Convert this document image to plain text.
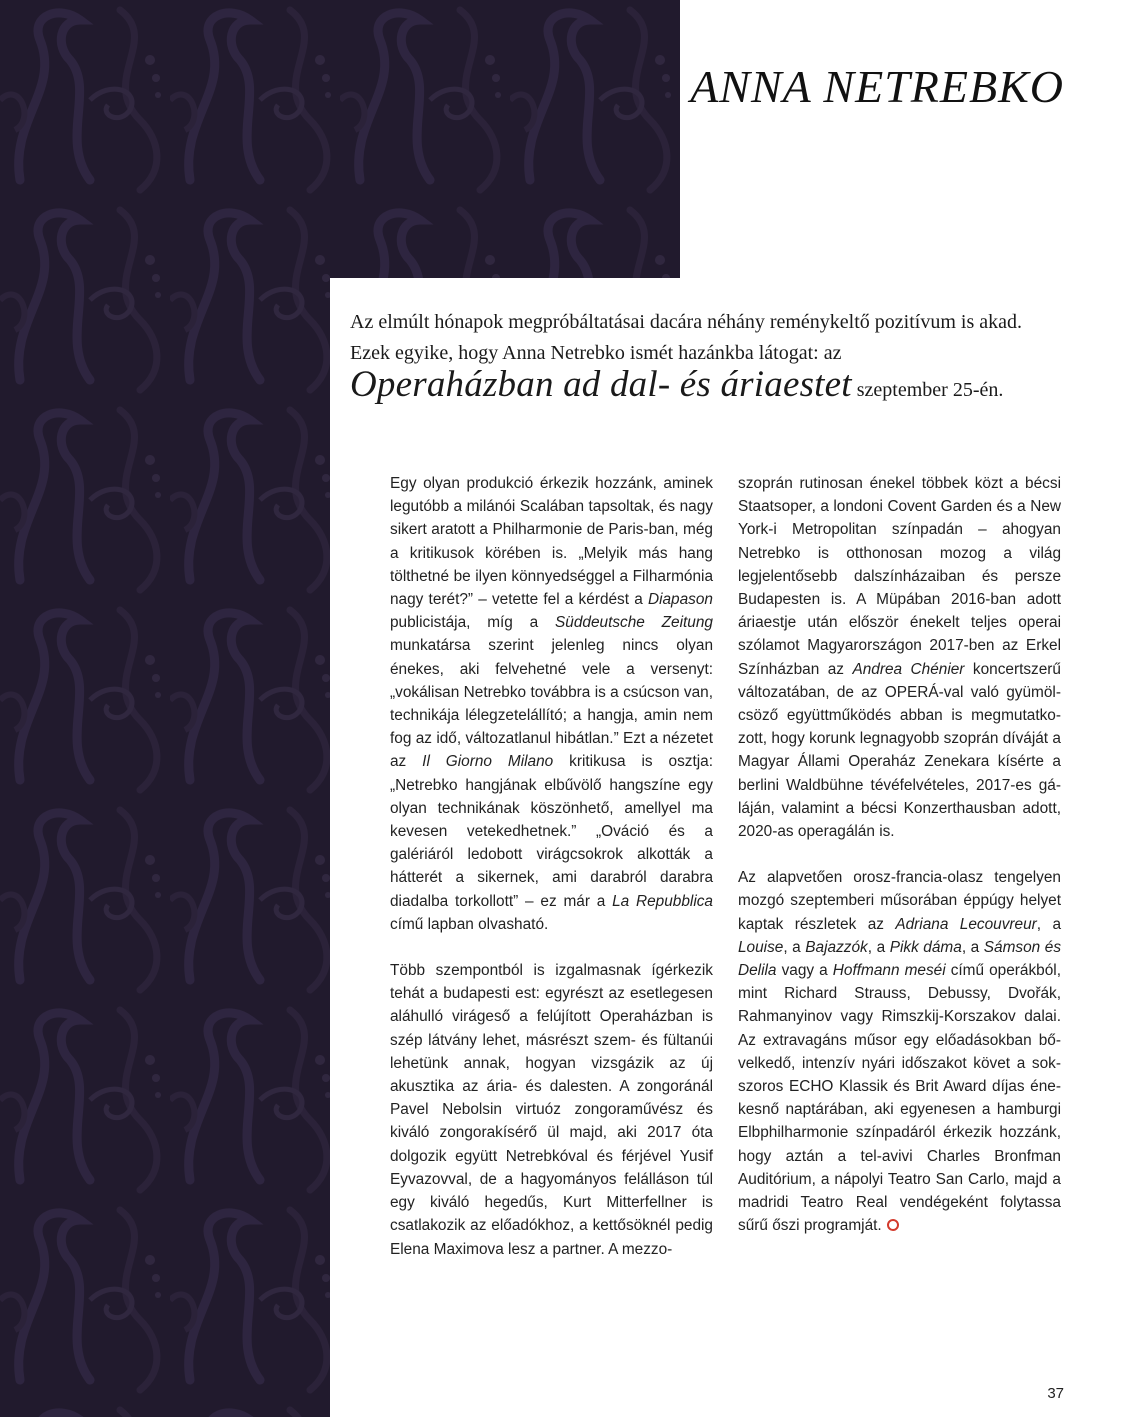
ANNA NETREBKO

Az elmúlt hónapok megpróbáltatásai dacára néhány reménykeltő pozitívum is akad. Ezek egyike, hogy Anna Netrebko ismét hazánkba látogat: az Operaházban ad dal- és áriaestet szeptember 25-én.

Egy olyan produkció érkezik hozzánk, aminek legutóbb a milánói Scalában tapsoltak, és nagy sikert aratott a Philharmonie de Paris-ban, még a kritikusok körében is. „Melyik más hang tölthetné be ilyen könnyedséggel a Filharmónia nagy terét?” – vetette fel a kérdést a Diapason publicistája, míg a Süddeutsche Zeitung munkatársa szerint jelenleg nincs olyan énekes, aki felvehetné vele a versenyt: „vokálisan Netrebko továbbra is a csúcson van, technikája lélegzetelállító; a hangja, amin nem fog az idő, változatlanul hibátlan.” Ezt a nézetet az Il Giorno Milano kritikusa is osztja: „Netrebko hangjának elbűvölő hangszíne egy olyan technikának köszönhető, amellyel ma kevesen vetekedhetnek.” „Ováció és a galériáról ledobott virágcsokrok alkották a hátterét a sikernek, ami darabról darabra diadalba torkollott” – ez már a La Repubblica című lapban olvasható.

Több szempontból is izgalmasnak ígérkezik tehát a budapesti est: egyrészt az esetlegesen aláhulló virágeső a felújított Operaházban is szép látvány lehet, másrészt szem- és fültanúi lehetünk annak, hogyan vizsgázik az új akusztika az ária- és dalesten. A zongoránál Pavel Nebolsin virtuóz zongoraművész és kiváló zongorakísérő ül majd, aki 2017 óta dolgozik együtt Netrebkóval és férjével Yusif Eyvazovval, de a hagyományos felálláson túl egy kiváló hegedűs, Kurt Mitterfellner is csatlakozik az előadókhoz, a kettősöknél pedig Elena Maximova lesz a partner. A mezzo-

szoprán rutinosan énekel többek közt a bécsi Staatsoper, a londoni Covent Garden és a New York-i Metropolitan színpadán – ahogyan Netrebko is otthonosan mozog a világ legjelentősebb dalszínházaiban és persze Budapesten is. A Müpában 2016-ban adott áriaestje után először énekelt teljes operai szólamot Magyarországon 2017-ben az Erkel Színházban az Andrea Chénier koncertszerű változatában, de az OPERÁ-val való gyümölcsöző együttműködés abban is megmutatkozott, hogy korunk legnagyobb szoprán díváját a Magyar Állami Operaház Zenekara kísérte a berlini Waldbühne tévéfelvételes, 2017-es gáláján, valamint a bécsi Konzerthausban adott, 2020-as operagálán is.

Az alapvetően orosz-francia-olasz tengelyen mozgó szeptemberi műsorában éppúgy helyet kaptak részletek az Adriana Lecouvreur, a Louise, a Bajazzók, a Pikk dáma, a Sámson és Delila vagy a Hoffmann meséi című operákból, mint Richard Strauss, Debussy, Dvořák, Rahmanyinov vagy Rimszkij-Korszakov dalai. Az extravagáns műsor egy előadásokban bővelkedő, intenzív nyári időszakot követ a sokszoros ECHO Klassik és Brit Award díjas énekesnő naptárában, aki egyenesen a hamburgi Elbphilharmonie színpadáról érkezik hozzánk, hogy aztán a tel-avivi Charles Bronfman Auditórium, a nápolyi Teatro San Carlo, majd a madridi Teatro Real vendégeként folytassa sűrű őszi programját.

37
